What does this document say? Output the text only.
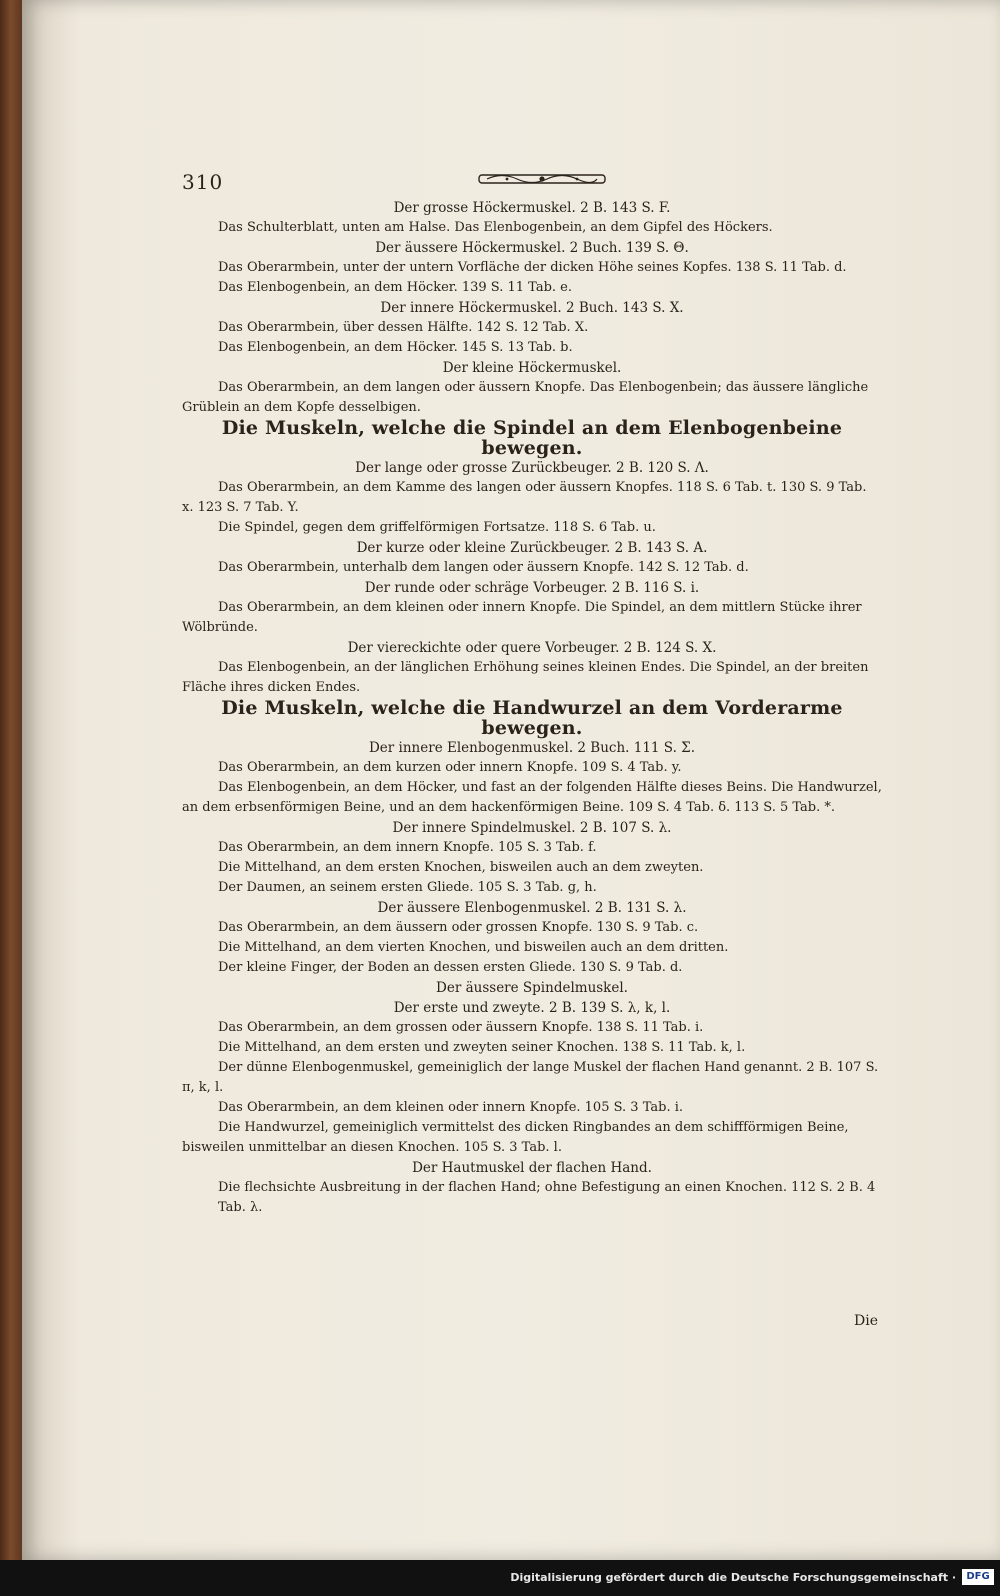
310

Der grosse Höckermuskel. 2 B. 143 S. F.

Das Schulterblatt, unten am Halse. Das Elenbogenbein, an dem Gipfel des Höckers.

Der äussere Höckermuskel. 2 Buch. 139 S. Θ.

Das Oberarmbein, unter der untern Vorfläche der dicken Höhe seines Kopfes. 138 S. 11 Tab. d.

Das Elenbogenbein, an dem Höcker. 139 S. 11 Tab. e.

Der innere Höckermuskel. 2 Buch. 143 S. X.

Das Oberarmbein, über dessen Hälfte. 142 S. 12 Tab. X.

Das Elenbogenbein, an dem Höcker. 145 S. 13 Tab. b.

Der kleine Höckermuskel.

Das Oberarmbein, an dem langen oder äussern Knopfe. Das Elenbogenbein; das äussere längliche Grüblein an dem Kopfe desselbigen.

Die Muskeln, welche die Spindel an dem Elenbogenbeine bewegen.

Der lange oder grosse Zurückbeuger. 2 B. 120 S. Λ.

Das Oberarmbein, an dem Kamme des langen oder äussern Knopfes. 118 S. 6 Tab. t. 130 S. 9 Tab. x. 123 S. 7 Tab. Y.

Die Spindel, gegen dem griffelförmigen Fortsatze. 118 S. 6 Tab. u.

Der kurze oder kleine Zurückbeuger. 2 B. 143 S. A.

Das Oberarmbein, unterhalb dem langen oder äussern Knopfe. 142 S. 12 Tab. d.

Der runde oder schräge Vorbeuger. 2 B. 116 S. i.

Das Oberarmbein, an dem kleinen oder innern Knopfe. Die Spindel, an dem mittlern Stücke ihrer Wölbründe.

Der viereckichte oder quere Vorbeuger. 2 B. 124 S. X.

Das Elenbogenbein, an der länglichen Erhöhung seines kleinen Endes. Die Spindel, an der breiten Fläche ihres dicken Endes.

Die Muskeln, welche die Handwurzel an dem Vorderarme bewegen.

Der innere Elenbogenmuskel. 2 Buch. 111 S. Σ.

Das Oberarmbein, an dem kurzen oder innern Knopfe. 109 S. 4 Tab. y.

Das Elenbogenbein, an dem Höcker, und fast an der folgenden Hälfte dieses Beins. Die Handwurzel, an dem erbsenförmigen Beine, und an dem hackenförmigen Beine. 109 S. 4 Tab. δ. 113 S. 5 Tab. *.

Der innere Spindelmuskel. 2 B. 107 S. λ.

Das Oberarmbein, an dem innern Knopfe. 105 S. 3 Tab. f.

Die Mittelhand, an dem ersten Knochen, bisweilen auch an dem zweyten.

Der Daumen, an seinem ersten Gliede. 105 S. 3 Tab. g, h.

Der äussere Elenbogenmuskel. 2 B. 131 S. λ.

Das Oberarmbein, an dem äussern oder grossen Knopfe. 130 S. 9 Tab. c.

Die Mittelhand, an dem vierten Knochen, und bisweilen auch an dem dritten.

Der kleine Finger, der Boden an dessen ersten Gliede. 130 S. 9 Tab. d.

Der äussere Spindelmuskel.

Der erste und zweyte. 2 B. 139 S. λ, k, l.

Das Oberarmbein, an dem grossen oder äussern Knopfe. 138 S. 11 Tab. i.

Die Mittelhand, an dem ersten und zweyten seiner Knochen. 138 S. 11 Tab. k, l.

Der dünne Elenbogenmuskel, gemeiniglich der lange Muskel der flachen Hand genannt. 2 B. 107 S. π, k, l.

Das Oberarmbein, an dem kleinen oder innern Knopfe. 105 S. 3 Tab. i.

Die Handwurzel, gemeiniglich vermittelst des dicken Ringbandes an dem schiffförmigen Beine, bisweilen unmittelbar an diesen Knochen. 105 S. 3 Tab. l.

Der Hautmuskel der flachen Hand.

Die flechsichte Ausbreitung in der flachen Hand; ohne Befestigung an einen Knochen. 112 S. 2 B. 4 Tab. λ.

Die
Digitalisierung gefördert durch die Deutsche Forschungsgemeinschaft ·	DFG
